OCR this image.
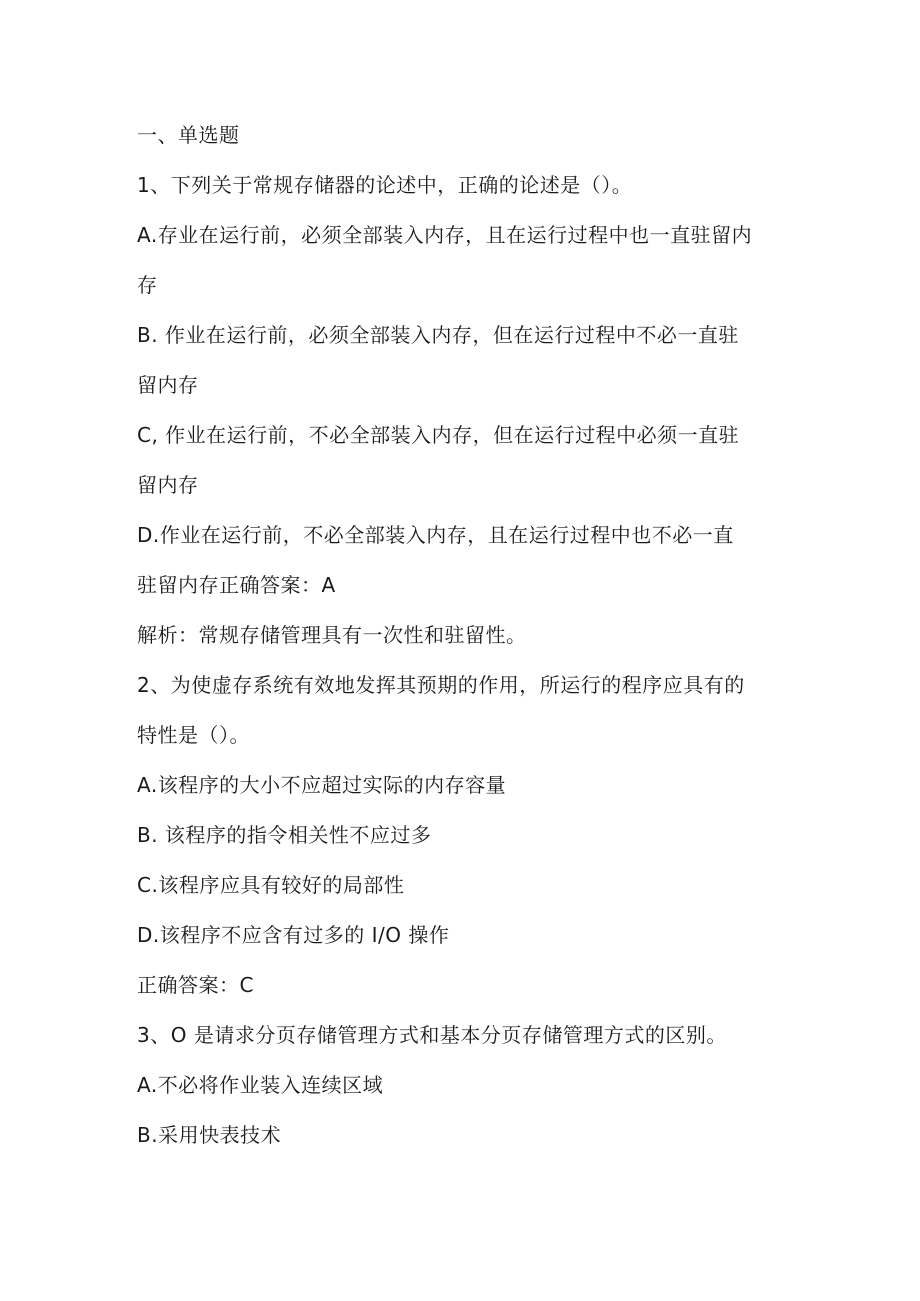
一、单选题
1、下列关于常规存储器的论述中，正确的论述是（）。
A.存业在运行前，必须全部装入内存，且在运行过程中也一直驻留内
存
B. 作业在运行前，必须全部装入内存，但在运行过程中不必一直驻
留内存
C, 作业在运行前，不必全部装入内存，但在运行过程中必须一直驻
留内存
D.作业在运行前，不必全部装入内存，且在运行过程中也不必一直
驻留内存正确答案：A
解析：常规存储管理具有一次性和驻留性。
2、为使虚存系统有效地发挥其预期的作用，所运行的程序应具有的
特性是（）。
A.该程序的大小不应超过实际的内存容量
B. 该程序的指令相关性不应过多
C.该程序应具有较好的局部性
D.该程序不应含有过多的 I/O 操作
正确答案：C
3、O 是请求分页存储管理方式和基本分页存储管理方式的区别。
A.不必将作业装入连续区域
B.采用快表技术
